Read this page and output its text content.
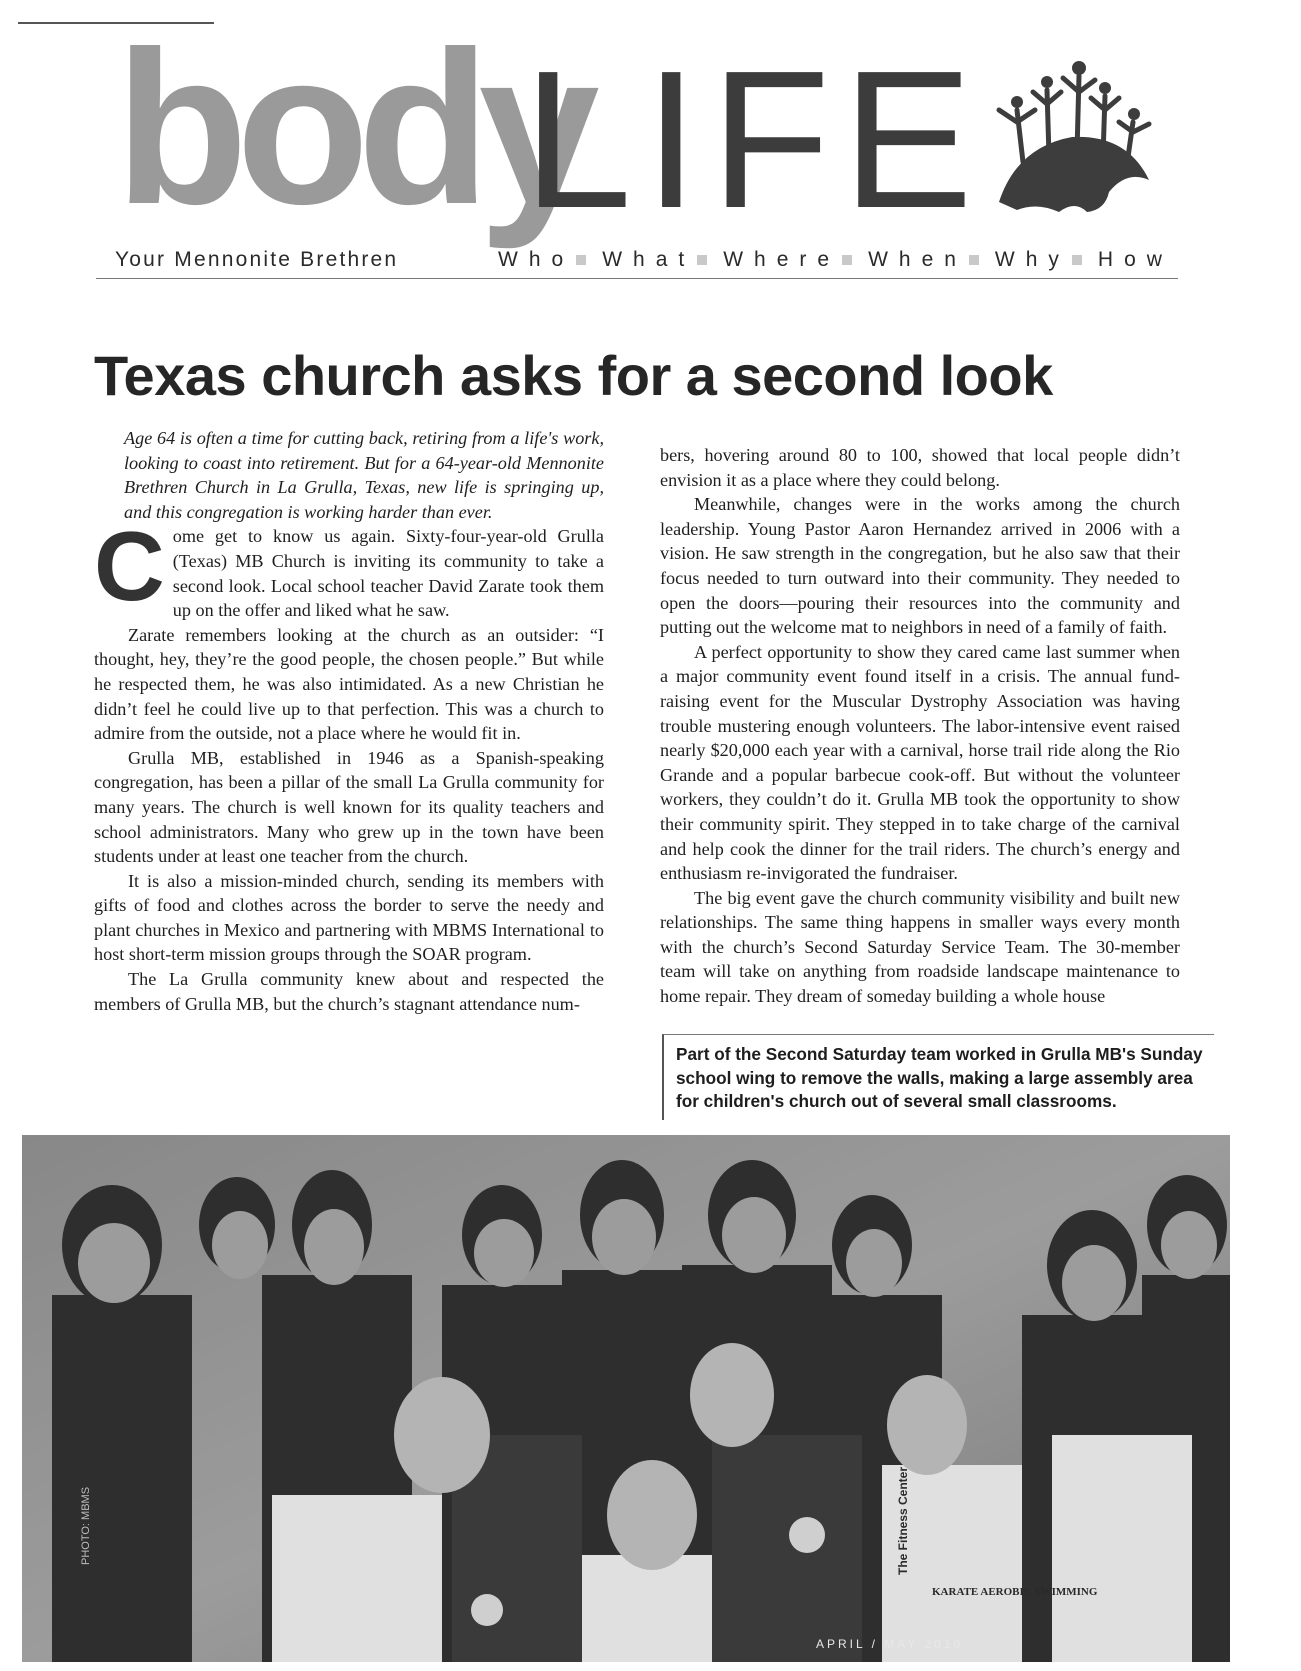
body
LIFE
Your Mennonite Brethren	Who What Where When Why How
Texas church asks for a second look

Age 64 is often a time for cutting back, retiring from a life's work, looking to coast into retirement. But for a 64-year-old Mennonite Brethren Church in La Grulla, Texas, new life is springing up, and this congregation is working harder than ever.

Come get to know us again. Sixty-four-year-old Grulla (Texas) MB Church is inviting its community to take a second look. Local school teacher David Zarate took them up on the offer and liked what he saw.

Zarate remembers looking at the church as an outsider: “I thought, hey, they’re the good people, the chosen people.” But while he respected them, he was also intimidated. As a new Christian he didn’t feel he could live up to that perfection. This was a church to admire from the outside, not a place where he would fit in.

Grulla MB, established in 1946 as a Spanish-speaking congregation, has been a pillar of the small La Grulla community for many years. The church is well known for its quality teachers and school administrators. Many who grew up in the town have been students under at least one teacher from the church.

It is also a mission-minded church, sending its members with gifts of food and clothes across the border to serve the needy and plant churches in Mexico and partnering with MBMS International to host short-term mission groups through the SOAR program.

The La Grulla community knew about and respected the members of Grulla MB, but the church’s stagnant attendance num-

bers, hovering around 80 to 100, showed that local people didn’t envision it as a place where they could belong.

Meanwhile, changes were in the works among the church leadership. Young Pastor Aaron Hernandez arrived in 2006 with a vision. He saw strength in the congregation, but he also saw that their focus needed to turn outward into their community. They needed to open the doors—pouring their resources into the community and putting out the welcome mat to neighbors in need of a family of faith.

A perfect opportunity to show they cared came last summer when a major community event found itself in a crisis. The annual fund-raising event for the Muscular Dystrophy Association was having trouble mustering enough volunteers. The labor-intensive event raised nearly $20,000 each year with a carnival, horse trail ride along the Rio Grande and a popular barbecue cook-off. But without the volunteer workers, they couldn’t do it. Grulla MB took the opportunity to show their community spirit. They stepped in to take charge of the carnival and help cook the dinner for the trail riders. The church’s energy and enthusiasm re-invigorated the fundraiser.

The big event gave the church community visibility and built new relationships. The same thing happens in smaller ways every month with the church’s Second Saturday Service Team. The 30-member team will take on anything from roadside landscape maintenance to home repair. They dream of someday building a whole house

Part of the Second Saturday team worked in Grulla MB's Sunday school wing to remove the walls, making a large assembly area for children's church out of several small classrooms.
The Fitness Center
KARATE AEROBIC SWIMMING
PHOTO: MBMS
APRIL / MAY 2010
